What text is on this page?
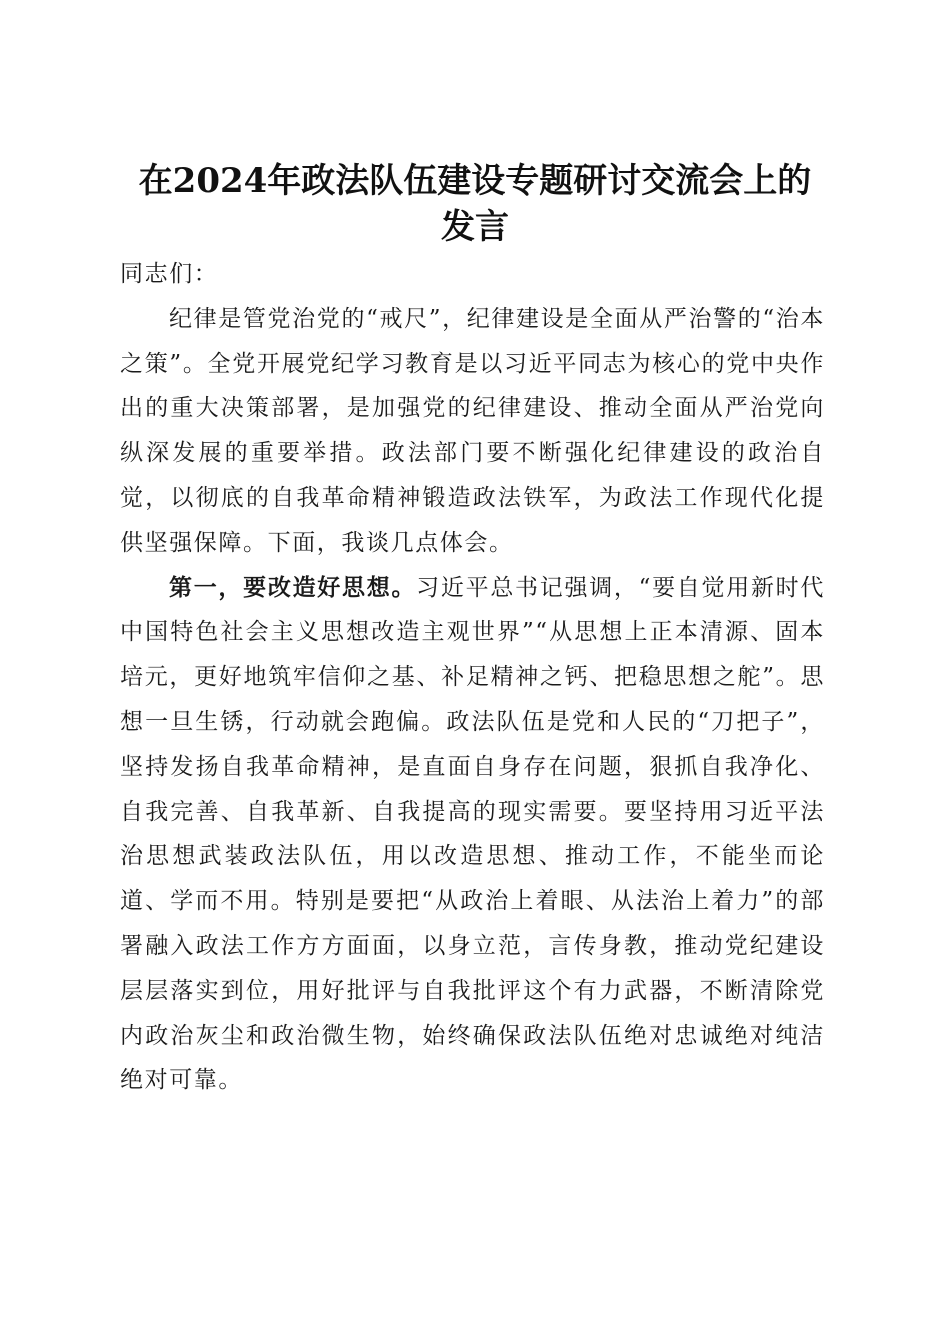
在2024年政法队伍建设专题研讨交流会上的
发言

同志们：

纪律是管党治党的“戒尺”，纪律建设是全面从严治警的“治本之策”。全党开展党纪学习教育是以习近平同志为核心的党中央作出的重大决策部署，是加强党的纪律建设、推动全面从严治党向纵深发展的重要举措。政法部门要不断强化纪律建设的政治自觉，以彻底的自我革命精神锻造政法铁军，为政法工作现代化提供坚强保障。下面，我谈几点体会。

第一，要改造好思想。习近平总书记强调，“要自觉用新时代中国特色社会主义思想改造主观世界”“从思想上正本清源、固本培元，更好地筑牢信仰之基、补足精神之钙、把稳思想之舵”。思想一旦生锈，行动就会跑偏。政法队伍是党和人民的“刀把子”，坚持发扬自我革命精神，是直面自身存在问题，狠抓自我净化、自我完善、自我革新、自我提高的现实需要。要坚持用习近平法治思想武装政法队伍，用以改造思想、推动工作，不能坐而论道、学而不用。特别是要把“从政治上着眼、从法治上着力”的部署融入政法工作方方面面，以身立范，言传身教，推动党纪建设层层落实到位，用好批评与自我批评这个有力武器，不断清除党内政治灰尘和政治微生物，始终确保政法队伍绝对忠诚绝对纯洁绝对可靠。
